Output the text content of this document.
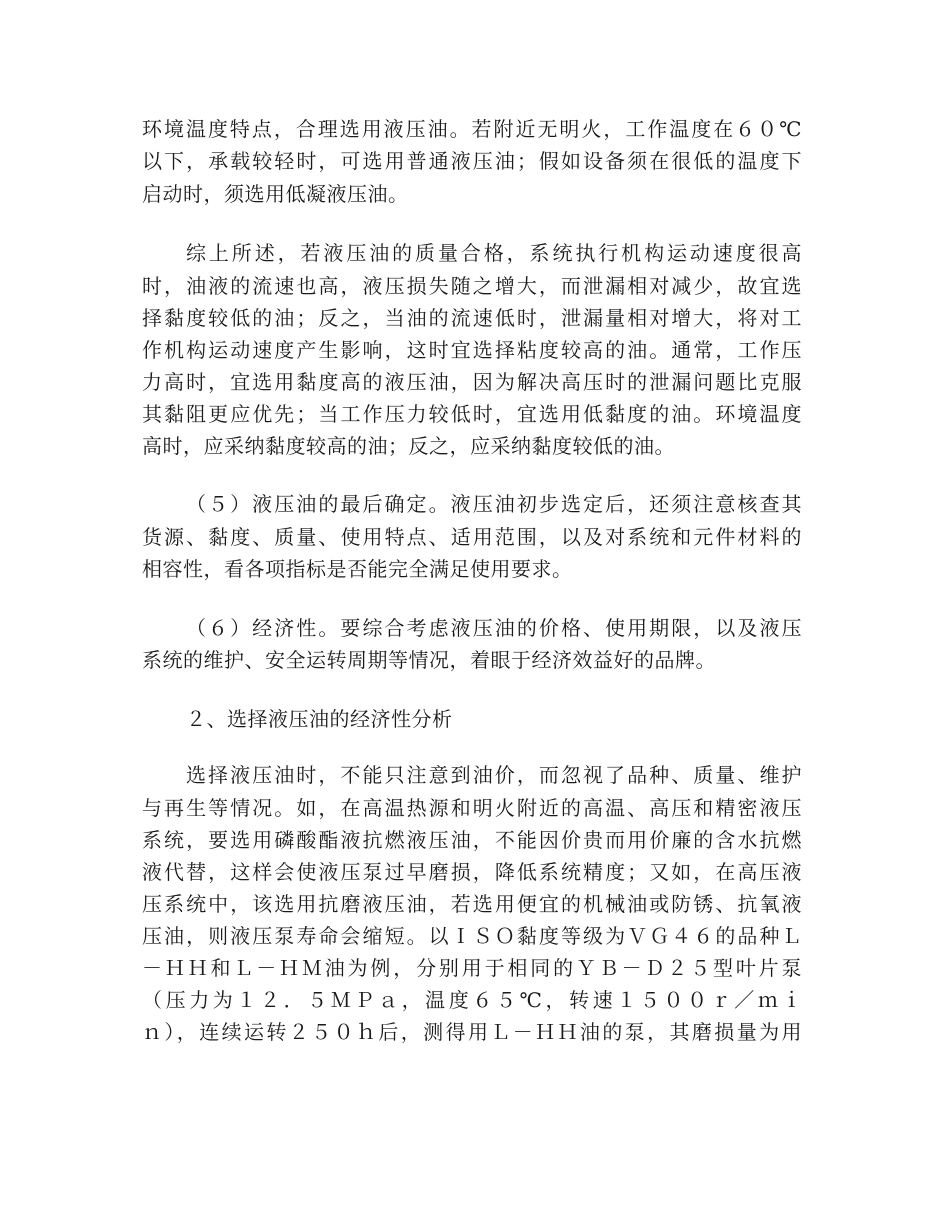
环境温度特点，合理选用液压油。若附近无明火，工作温度在６０℃
以下，承载较轻时，可选用普通液压油；假如设备须在很低的温度下
启动时，须选用低凝液压油。
综上所述，若液压油的质量合格，系统执行机构运动速度很高
时，油液的流速也高，液压损失随之增大，而泄漏相对减少，故宜选
择黏度较低的油；反之，当油的流速低时，泄漏量相对增大，将对工
作机构运动速度产生影响，这时宜选择粘度较高的油。通常，工作压
力高时，宜选用黏度高的液压油，因为解决高压时的泄漏问题比克服
其黏阻更应优先；当工作压力较低时，宜选用低黏度的油。环境温度
高时，应采纳黏度较高的油；反之，应采纳黏度较低的油。
（５）液压油的最后确定。液压油初步选定后，还须注意核查其
货源、黏度、质量、使用特点、适用范围，以及对系统和元件材料的
相容性，看各项指标是否能完全满足使用要求。
（６）经济性。要综合考虑液压油的价格、使用期限，以及液压
系统的维护、安全运转周期等情况，着眼于经济效益好的品牌。
２、选择液压油的经济性分析
选择液压油时，不能只注意到油价，而忽视了品种、质量、维护
与再生等情况。如，在高温热源和明火附近的高温、高压和精密液压
系统，要选用磷酸酯液抗燃液压油，不能因价贵而用价廉的含水抗燃
液代替，这样会使液压泵过早磨损，降低系统精度；又如，在高压液
压系统中，该选用抗磨液压油，若选用便宜的机械油或防锈、抗氧液
压油，则液压泵寿命会缩短。以ＩＳＯ黏度等级为ＶＧ４６的品种Ｌ
－ＨＨ和Ｌ－ＨＭ油为例，分别用于相同的ＹＢ－Ｄ２５型叶片泵
（压力为１２．５ＭＰａ，温度６５℃，转速１５００ｒ／ｍｉ
ｎ），连续运转２５０ｈ后，测得用Ｌ－ＨＨ油的泵，其磨损量为用
